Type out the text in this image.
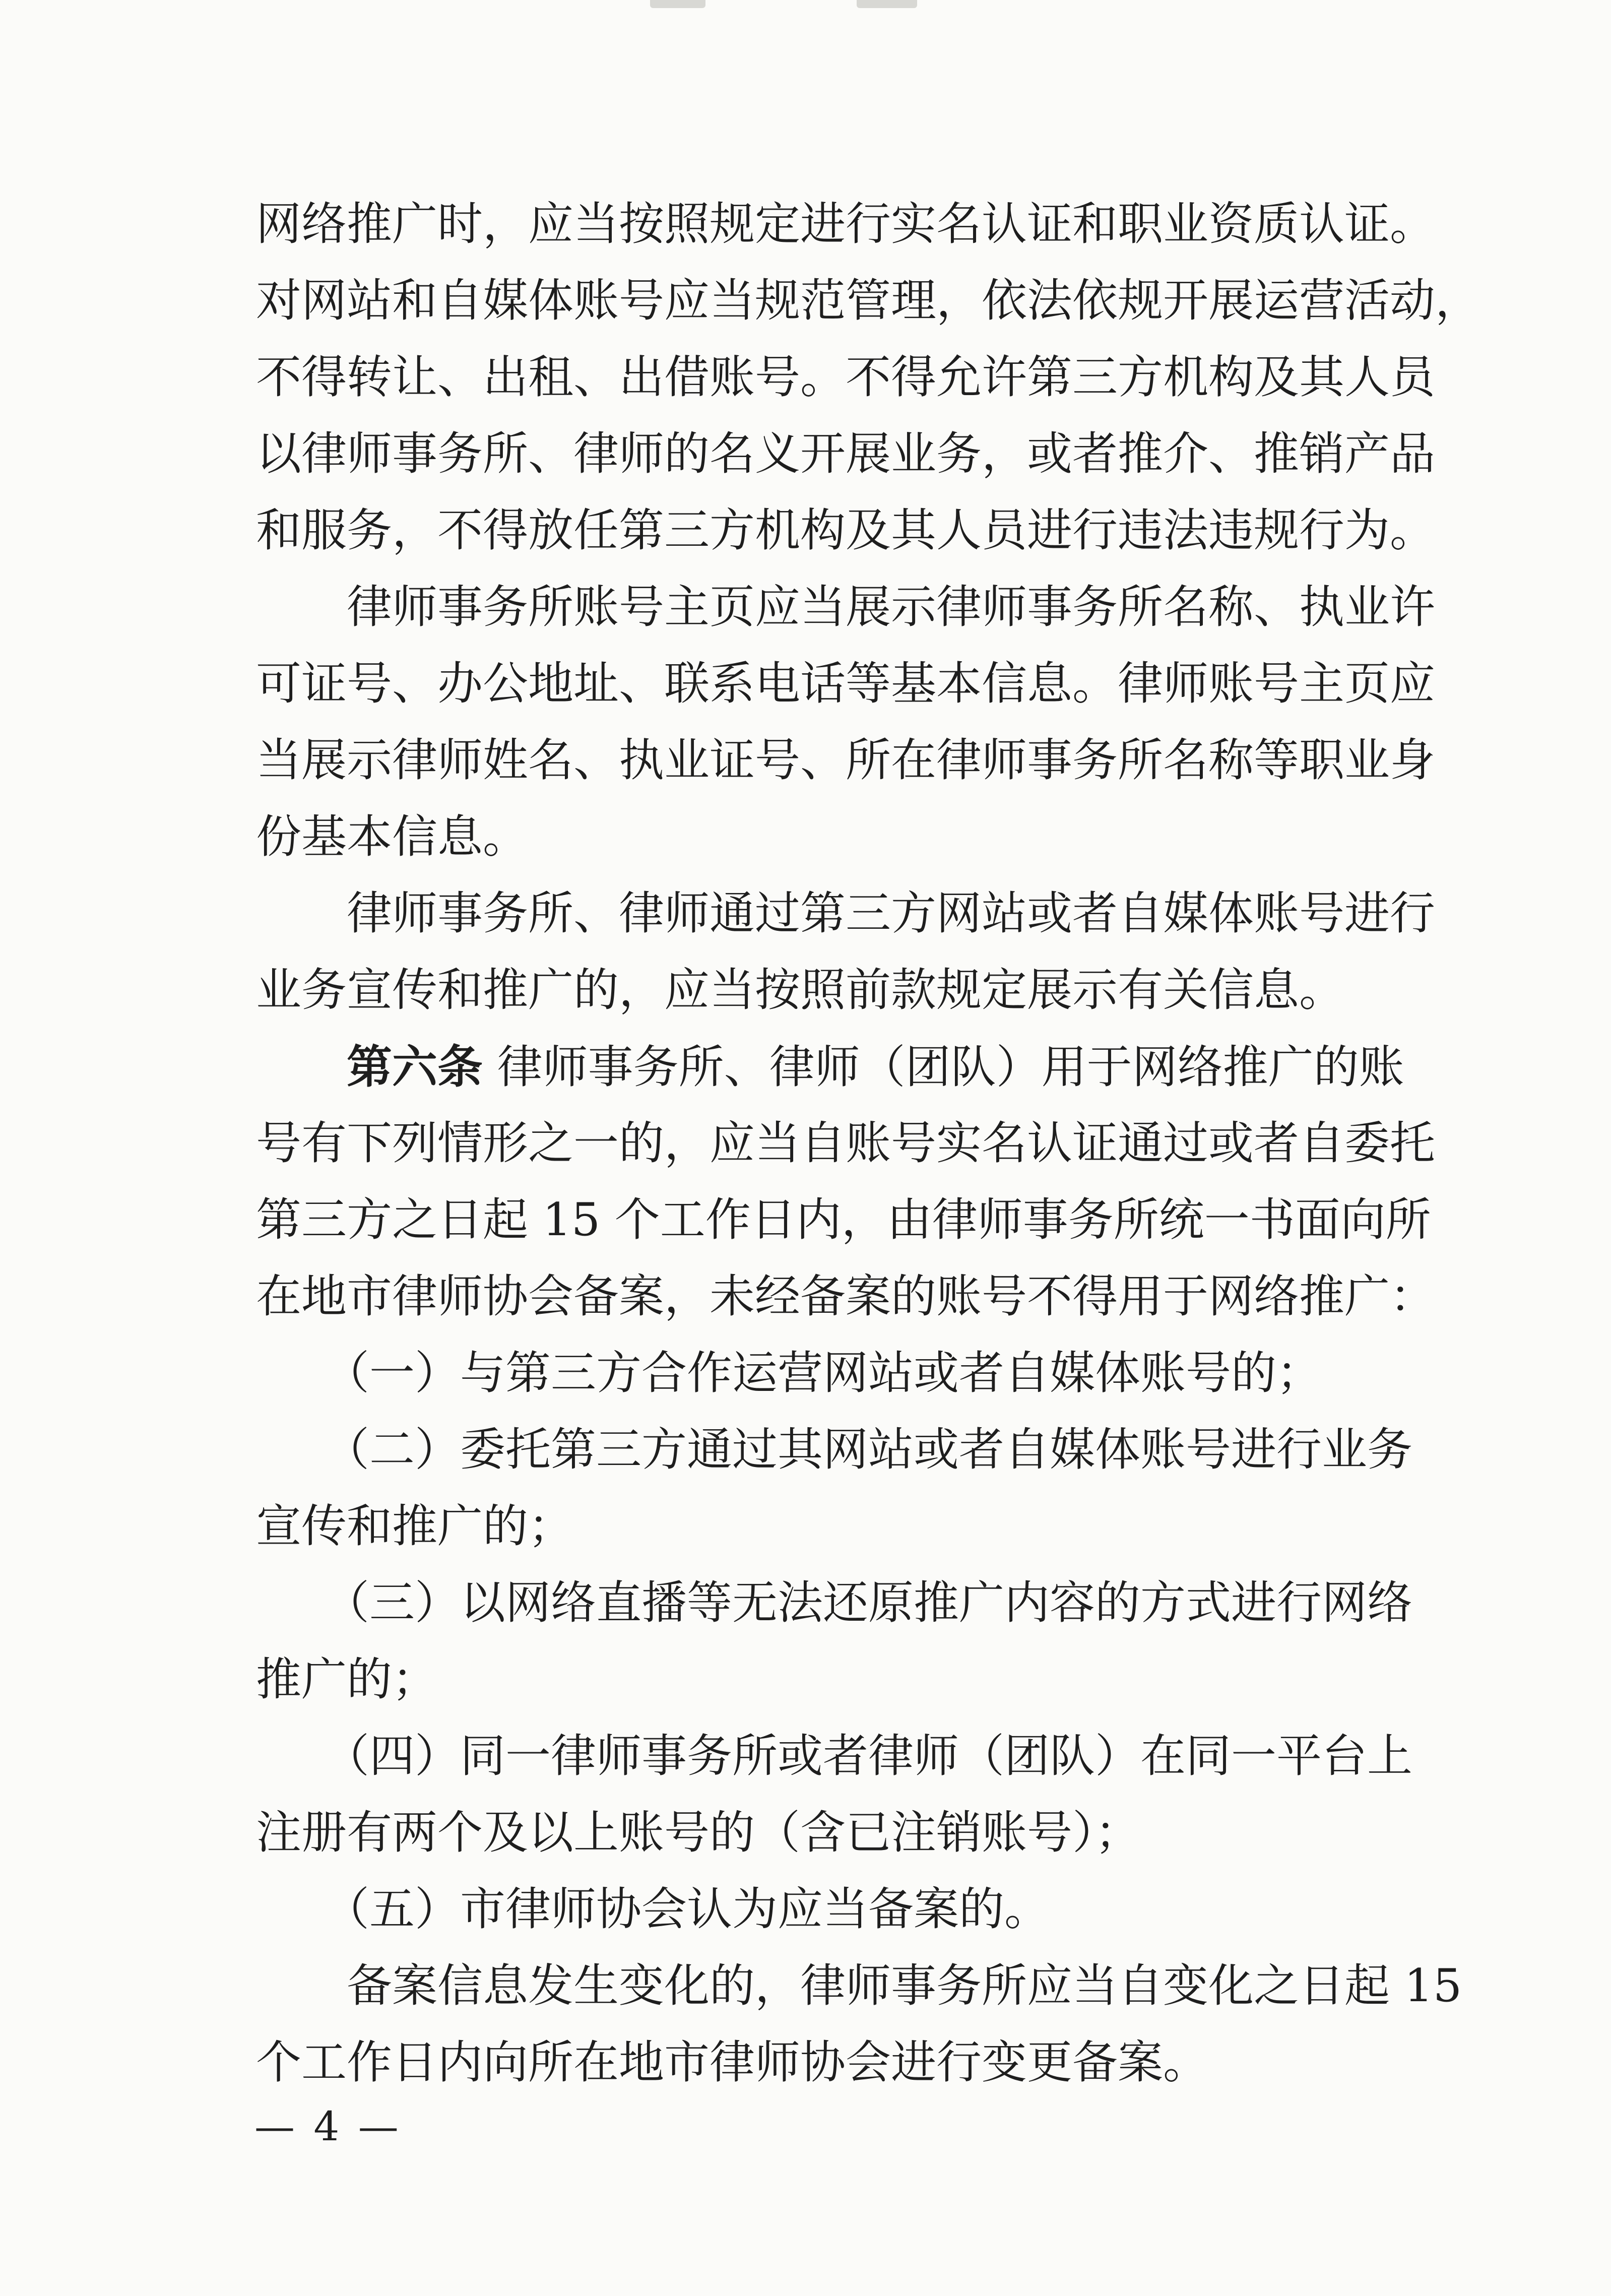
网络推广时，应当按照规定进行实名认证和职业资质认证。
对网站和自媒体账号应当规范管理，依法依规开展运营活动，
不得转让、出租、出借账号。不得允许第三方机构及其人员
以律师事务所、律师的名义开展业务，或者推介、推销产品
和服务，不得放任第三方机构及其人员进行违法违规行为。
　　律师事务所账号主页应当展示律师事务所名称、执业许
可证号、办公地址、联系电话等基本信息。律师账号主页应
当展示律师姓名、执业证号、所在律师事务所名称等职业身
份基本信息。
　　律师事务所、律师通过第三方网站或者自媒体账号进行
业务宣传和推广的，应当按照前款规定展示有关信息。
　　第六条 律师事务所、律师（团队）用于网络推广的账
号有下列情形之一的，应当自账号实名认证通过或者自委托
第三方之日起 15 个工作日内，由律师事务所统一书面向所
在地市律师协会备案，未经备案的账号不得用于网络推广：
　　（一）与第三方合作运营网站或者自媒体账号的；
　　（二）委托第三方通过其网站或者自媒体账号进行业务
宣传和推广的；
　　（三）以网络直播等无法还原推广内容的方式进行网络
推广的；
　　（四）同一律师事务所或者律师（团队）在同一平台上
注册有两个及以上账号的（含已注销账号）；
　　（五）市律师协会认为应当备案的。
　　备案信息发生变化的，律师事务所应当自变化之日起 15
个工作日内向所在地市律师协会进行变更备案。
— 4 —
